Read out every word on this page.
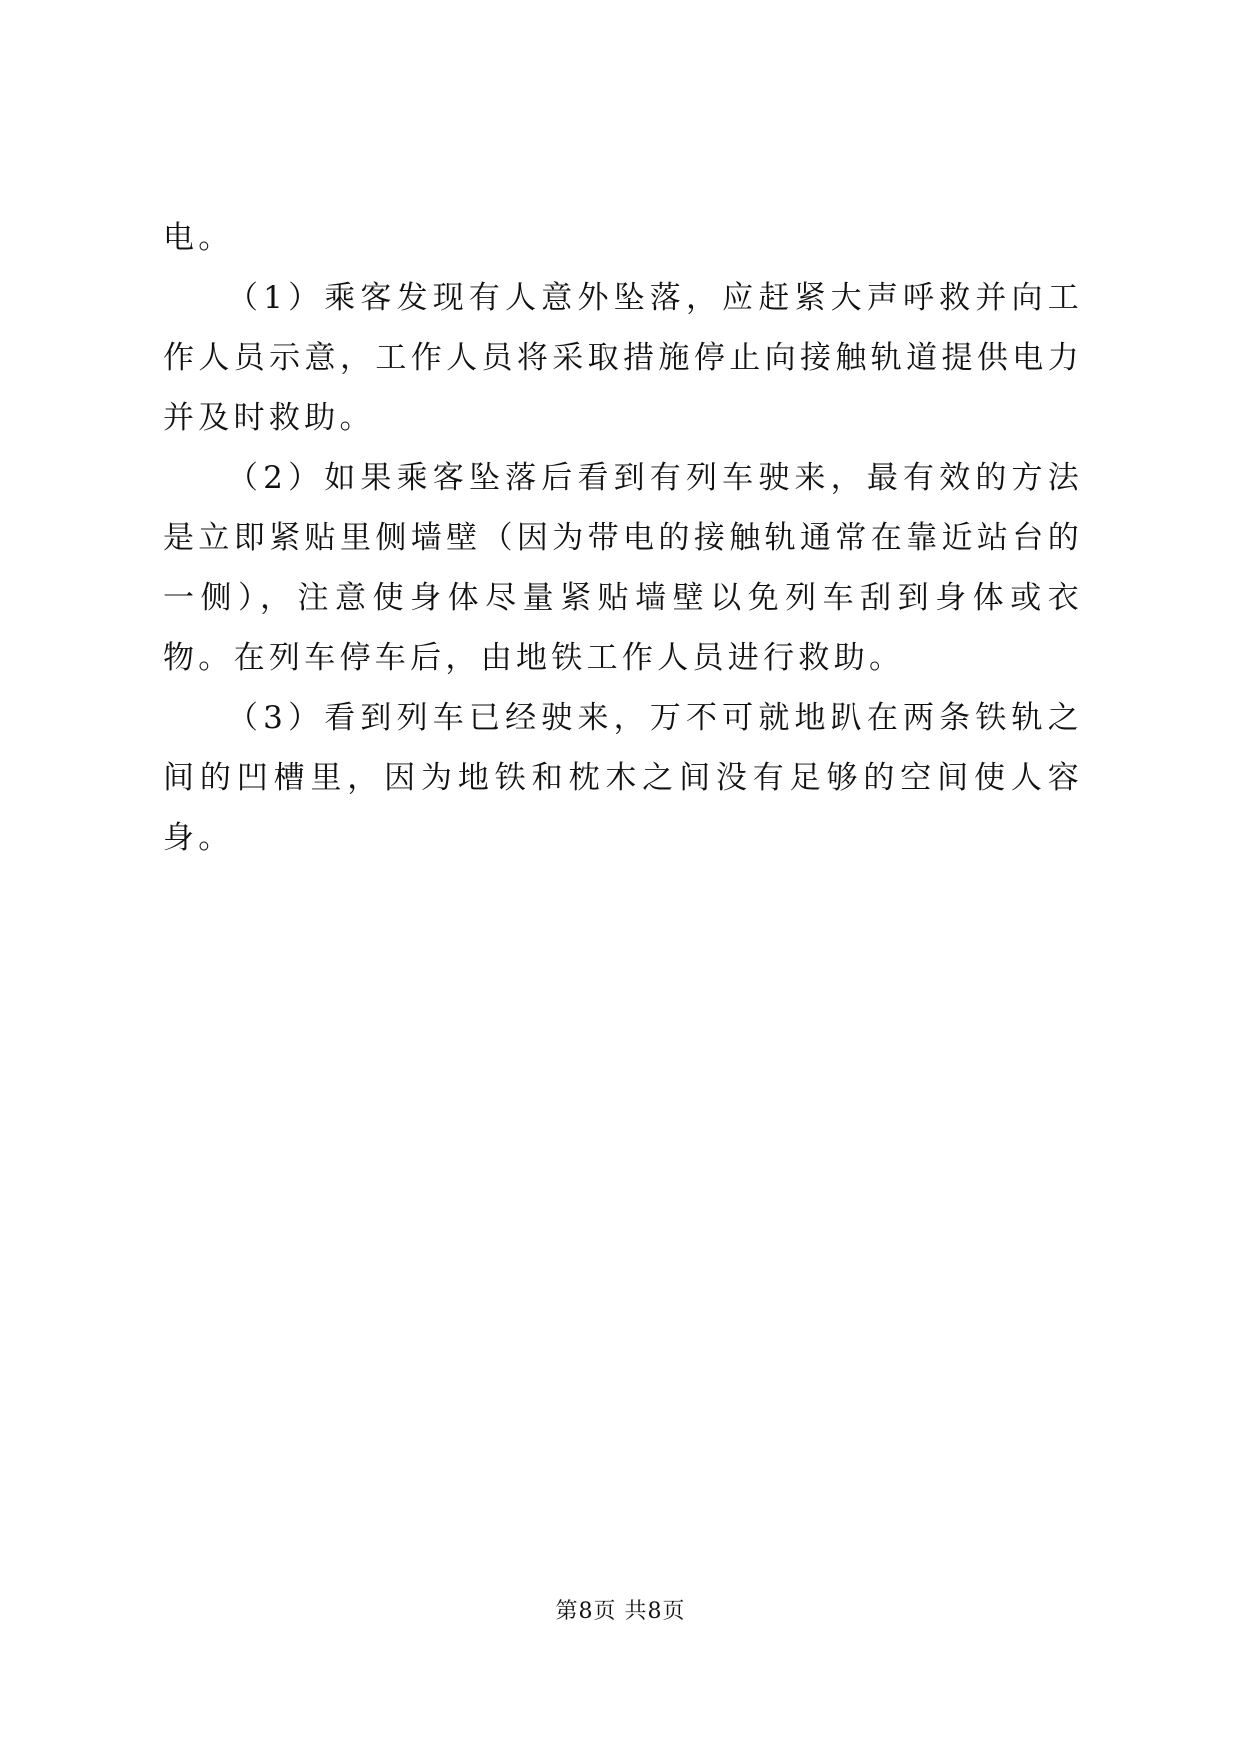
电。

（1）乘客发现有人意外坠落，应赶紧大声呼救并向工作人员示意，工作人员将采取措施停止向接触轨道提供电力并及时救助。

（2）如果乘客坠落后看到有列车驶来，最有效的方法是立即紧贴里侧墙壁（因为带电的接触轨通常在靠近站台的一侧），注意使身体尽量紧贴墙壁以免列车刮到身体或衣物。在列车停车后，由地铁工作人员进行救助。

（3）看到列车已经驶来，万不可就地趴在两条铁轨之间的凹槽里，因为地铁和枕木之间没有足够的空间使人容身。

第8页 共8页
